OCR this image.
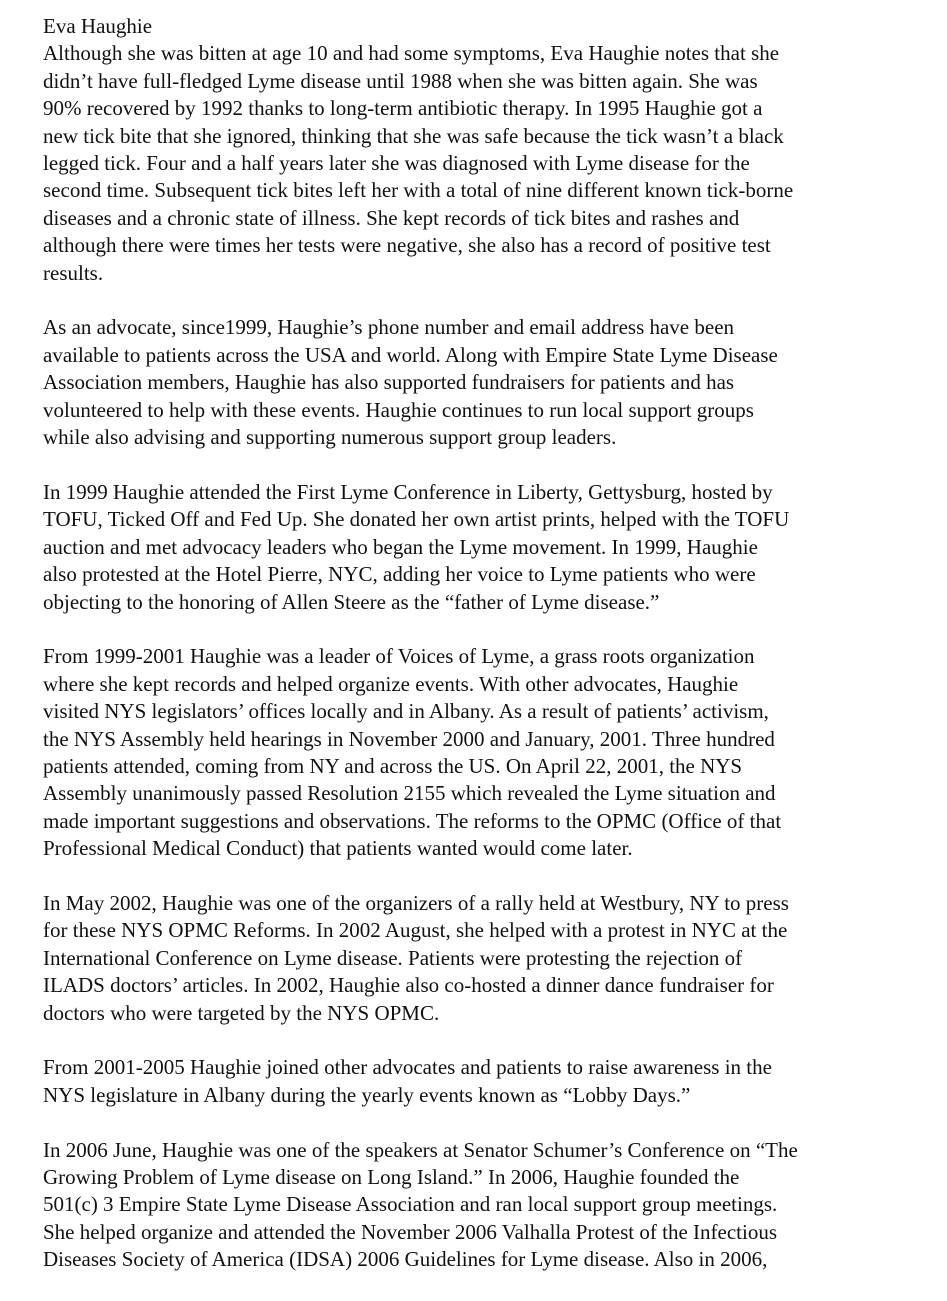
Eva Haughie

Although she was bitten at age 10 and had some symptoms, Eva Haughie notes that she
didn’t have full-fledged Lyme disease until 1988 when she was bitten again. She was
90% recovered by 1992 thanks to long-term antibiotic therapy. In 1995 Haughie got a
new tick bite that she ignored, thinking that she was safe because the tick wasn’t a black
legged tick. Four and a half years later she was diagnosed with Lyme disease for the
second time. Subsequent tick bites left her with a total of nine different known tick-borne
diseases and a chronic state of illness. She kept records of tick bites and rashes and
although there were times her tests were negative, she also has a record of positive test
results.

As an advocate, since1999, Haughie’s phone number and email address have been
available to patients across the USA and world. Along with Empire State Lyme Disease
Association members, Haughie has also supported fundraisers for patients and has
volunteered to help with these events. Haughie continues to run local support groups
while also advising and supporting numerous support group leaders.

In 1999 Haughie attended the First Lyme Conference in Liberty, Gettysburg, hosted by
TOFU, Ticked Off and Fed Up. She donated her own artist prints, helped with the TOFU
auction and met advocacy leaders who began the Lyme movement. In 1999, Haughie
also protested at the Hotel Pierre, NYC, adding her voice to Lyme patients who were
objecting to the honoring of Allen Steere as the “father of Lyme disease.”

From 1999-2001 Haughie was a leader of Voices of Lyme, a grass roots organization
where she kept records and helped organize events. With other advocates, Haughie
visited NYS legislators’ offices locally and in Albany. As a result of patients’ activism,
the NYS Assembly held hearings in November 2000 and January, 2001. Three hundred
patients attended, coming from NY and across the US. On April 22, 2001, the NYS
Assembly unanimously passed Resolution 2155 which revealed the Lyme situation and
made important suggestions and observations. The reforms to the OPMC (Office of that
Professional Medical Conduct) that patients wanted would come later.

In May 2002, Haughie was one of the organizers of a rally held at Westbury, NY to press
for these NYS OPMC Reforms. In 2002 August, she helped with a protest in NYC at the
International Conference on Lyme disease. Patients were protesting the rejection of
ILADS doctors’ articles. In 2002, Haughie also co-hosted a dinner dance fundraiser for
doctors who were targeted by the NYS OPMC.

From 2001-2005 Haughie joined other advocates and patients to raise awareness in the
NYS legislature in Albany during the yearly events known as “Lobby Days.”

In 2006 June, Haughie was one of the speakers at Senator Schumer’s Conference on “The
Growing Problem of Lyme disease on Long Island.” In 2006, Haughie founded the
501(c) 3 Empire State Lyme Disease Association and ran local support group meetings.
She helped organize and attended the November 2006 Valhalla Protest of the Infectious
Diseases Society of America (IDSA) 2006 Guidelines for Lyme disease. Also in 2006,
